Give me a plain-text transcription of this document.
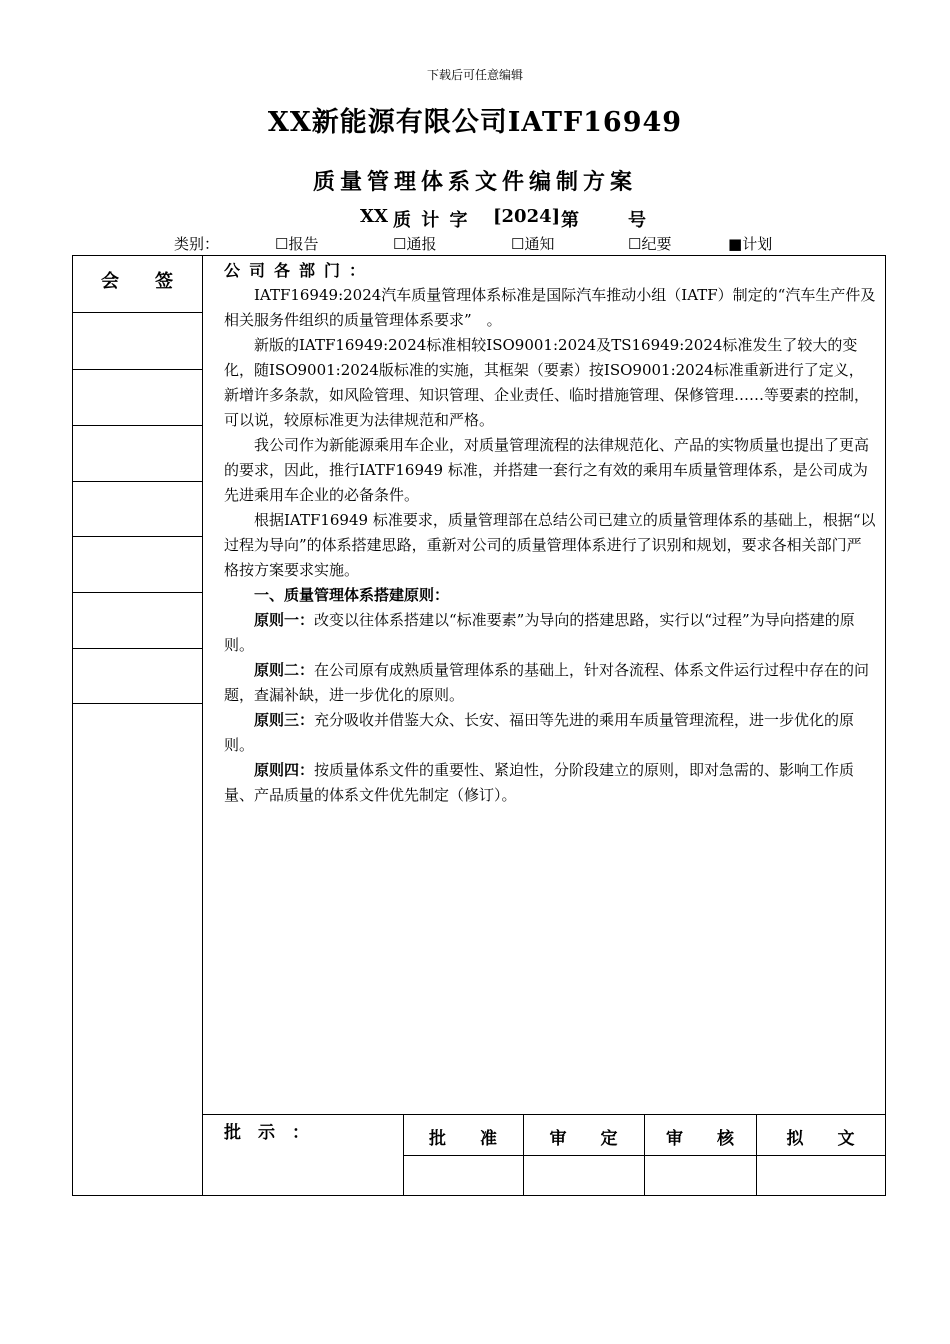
下载后可任意编辑
XX新能源有限公司IATF16949
质量管理体系文件编制方案
XX 质 计 字 [2024] 第	号
类别：	☐报告	☐通报	☐通知	☐纪要	■计划
会　　签

公司各部门：

IATF16949:2024汽车质量管理体系标准是国际汽车推动小组（IATF）制定的“汽车生产件及相关服务件组织的质量管理体系要求”　。

新版的IATF16949:2024标准相较ISO9001:2024及TS16949:2024标准发生了较大的变化，随ISO9001:2024版标准的实施，其框架（要素）按ISO9001:2024标准重新进行了定义，新增许多条款，如风险管理、知识管理、企业责任、临时措施管理、保修管理……等要素的控制，可以说，较原标准更为法律规范和严格。

我公司作为新能源乘用车企业，对质量管理流程的法律规范化、产品的实物质量也提出了更高的要求，因此，推行IATF16949 标准，并搭建一套行之有效的乘用车质量管理体系，是公司成为先进乘用车企业的必备条件。

根据IATF16949 标准要求，质量管理部在总结公司已建立的质量管理体系的基础上，根据“以过程为导向”的体系搭建思路，重新对公司的质量管理体系进行了识别和规划，要求各相关部门严格按方案要求实施。

一、质量管理体系搭建原则：

原则一：改变以往体系搭建以“标准要素”为导向的搭建思路，实行以“过程”为导向搭建的原则。

原则二：在公司原有成熟质量管理体系的基础上，针对各流程、体系文件运行过程中存在的问题，查漏补缺，进一步优化的原则。

原则三：充分吸收并借鉴大众、长安、福田等先进的乘用车质量管理流程，进一步优化的原则。

原则四：按质量体系文件的重要性、紧迫性，分阶段建立的原则，即对急需的、影响工作质量、产品质量的体系文件优先制定（修订）。

批　示　：	批　　准	审　　定	审　　核	拟　　文
